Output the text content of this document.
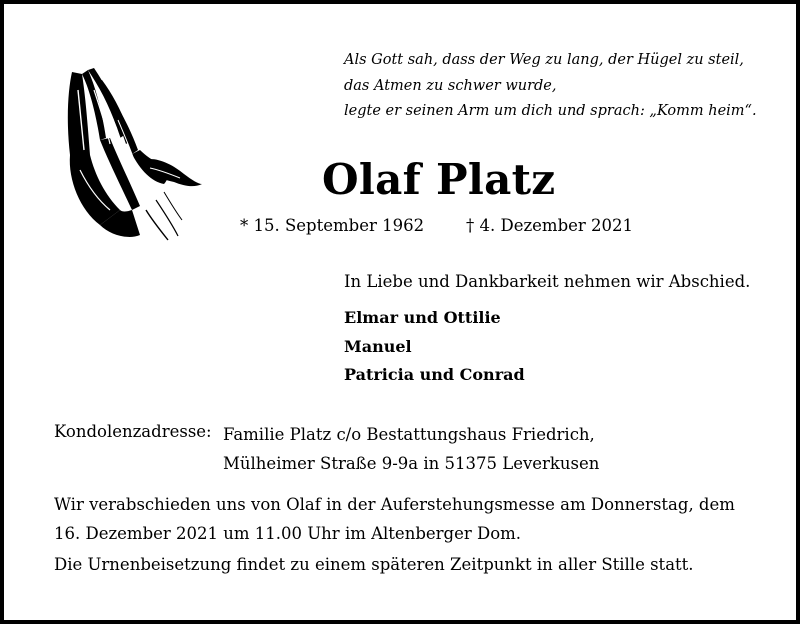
Als Gott sah, dass der Weg zu lang, der Hügel zu steil,
das Atmen zu schwer wurde,
legte er seinen Arm um dich und sprach: „Komm heim“.
Olaf Platz
* 15. September 1962	† 4. Dezember 2021
In Liebe und Dankbarkeit nehmen wir Abschied.
Elmar und Ottilie
Manuel
Patricia und Conrad
Kondolenzadresse: Familie Platz c/o Bestattungshaus Friedrich,
Mülheimer Straße 9-9a in 51375 Leverkusen
Wir verabschieden uns von Olaf in der Auferstehungsmesse am Donnerstag, dem
16. Dezember 2021 um 11.00 Uhr im Altenberger Dom.
Die Urnenbeisetzung findet zu einem späteren Zeitpunkt in aller Stille statt.
